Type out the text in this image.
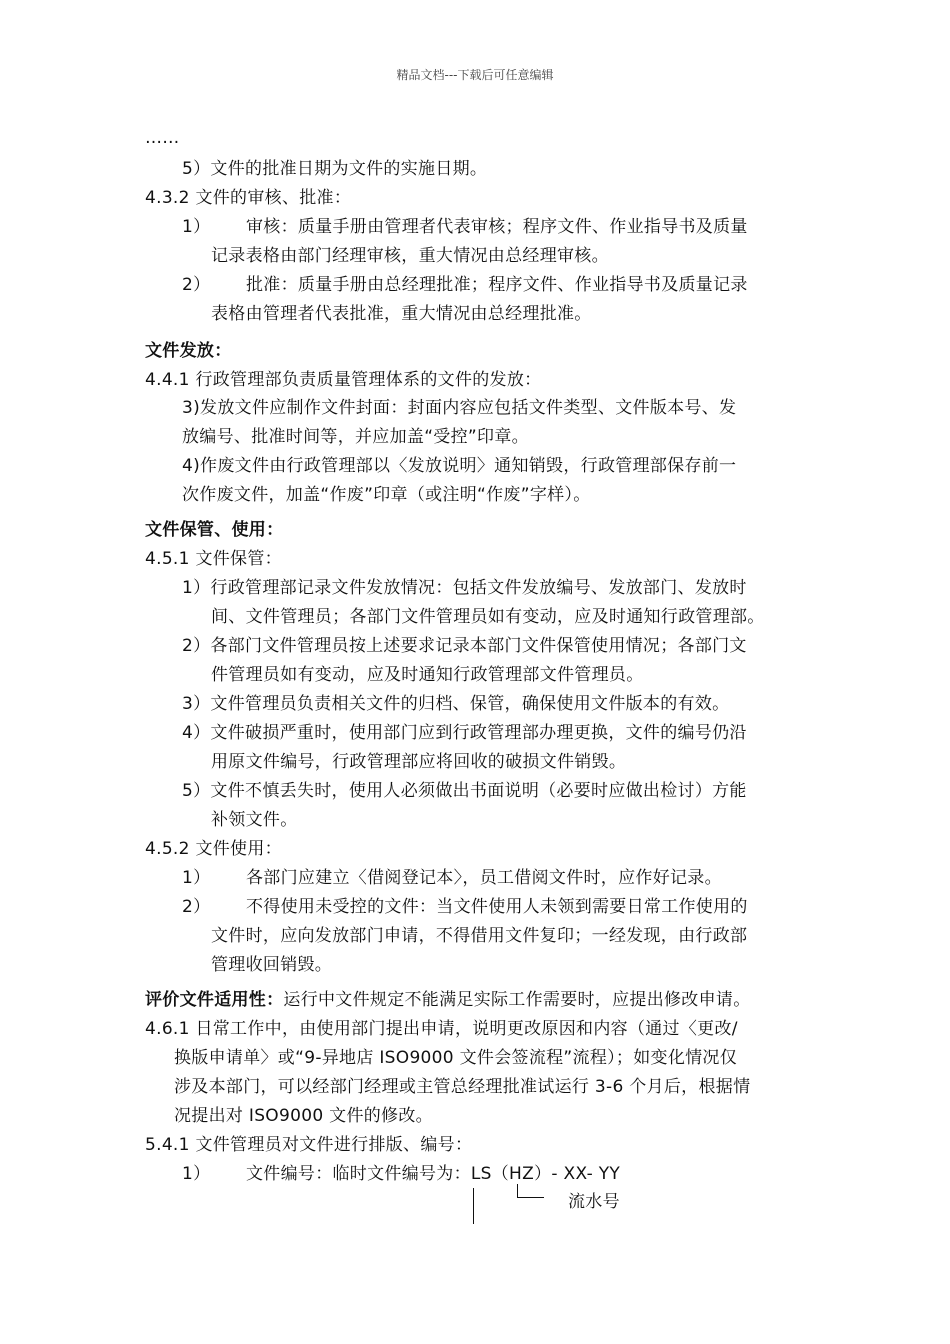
精品文档---下载后可任意编辑
……
5）文件的批准日期为文件的实施日期。
4.3.2 文件的审核、批准：
1） 审核：质量手册由管理者代表审核；程序文件、作业指导书及质量
记录表格由部门经理审核，重大情况由总经理审核。
2） 批准：质量手册由总经理批准；程序文件、作业指导书及质量记录
表格由管理者代表批准，重大情况由总经理批准。
文件发放：
4.4.1 行政管理部负责质量管理体系的文件的发放：
3)发放文件应制作文件封面：封面内容应包括文件类型、文件版本号、发
放编号、批准时间等，并应加盖“受控”印章。
4)作废文件由行政管理部以〈发放说明〉通知销毁，行政管理部保存前一
次作废文件，加盖“作废”印章（或注明“作废”字样）。
文件保管、使用：
4.5.1 文件保管：
1）行政管理部记录文件发放情况：包括文件发放编号、发放部门、发放时
间、文件管理员；各部门文件管理员如有变动，应及时通知行政管理部。
2）各部门文件管理员按上述要求记录本部门文件保管使用情况；各部门文
件管理员如有变动，应及时通知行政管理部文件管理员。
3）文件管理员负责相关文件的归档、保管，确保使用文件版本的有效。
4）文件破损严重时，使用部门应到行政管理部办理更换，文件的编号仍沿
用原文件编号，行政管理部应将回收的破损文件销毁。
5）文件不慎丢失时，使用人必须做出书面说明（必要时应做出检讨）方能
补领文件。
4.5.2 文件使用：
1） 各部门应建立〈借阅登记本〉，员工借阅文件时，应作好记录。
2） 不得使用未受控的文件：当文件使用人未领到需要日常工作使用的
文件时，应向发放部门申请，不得借用文件复印；一经发现，由行政部
管理收回销毁。
评价文件适用性：运行中文件规定不能满足实际工作需要时，应提出修改申请。
4.6.1 日常工作中，由使用部门提出申请，说明更改原因和内容（通过〈更改/
换版申请单〉或“9-异地店 ISO9000 文件会签流程”流程）；如变化情况仅
涉及本部门，可以经部门经理或主管总经理批准试运行 3-6 个月后，根据情
况提出对 ISO9000 文件的修改。
5.4.1 文件管理员对文件进行排版、编号：
1） 文件编号：临时文件编号为：LS（HZ）- XX- YY
流水号
